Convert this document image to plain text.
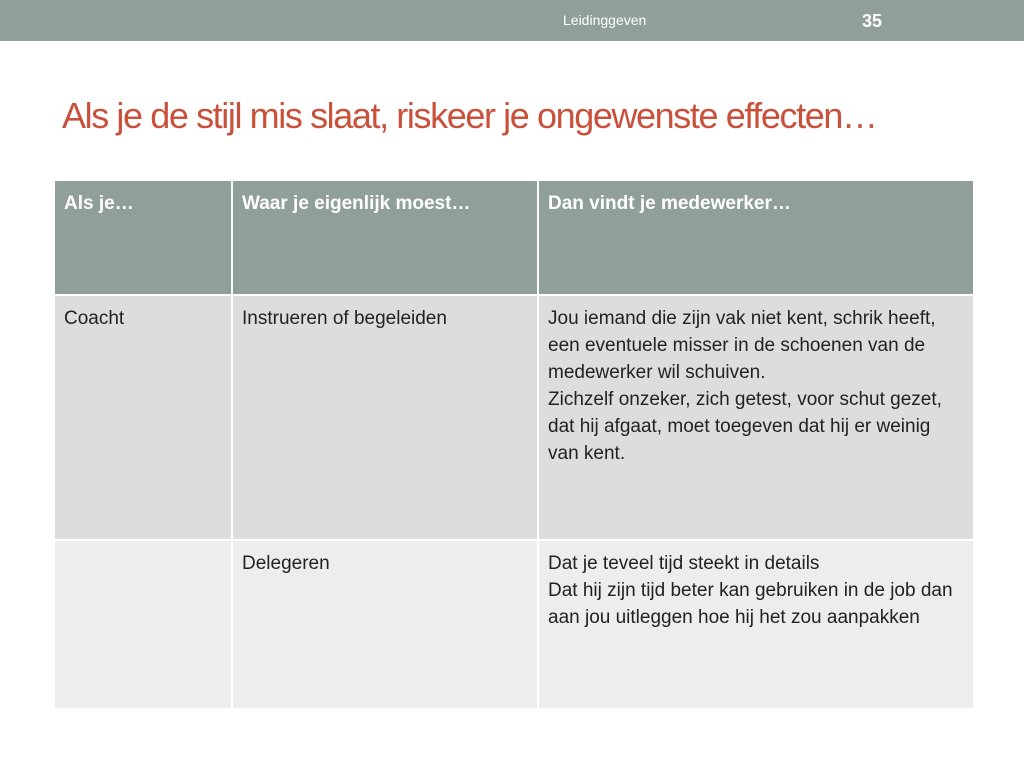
Leidinggeven	35
Als je de stijl mis slaat, riskeer je ongewenste effecten…
Als je…	Waar je eigenlijk moest…	Dan vindt je medewerker…
Coacht	Instrueren of begeleiden	Jou iemand die zijn vak niet kent, schrik heeft, een eventuele misser in de schoenen van de medewerker wil schuiven.
Zichzelf onzeker, zich getest, voor schut gezet, dat hij afgaat, moet toegeven dat hij er weinig van kent.

	Delegeren	Dat je teveel tijd steekt in details
Dat hij zijn tijd beter kan gebruiken in de job dan aan jou uitleggen hoe hij het zou aanpakken
